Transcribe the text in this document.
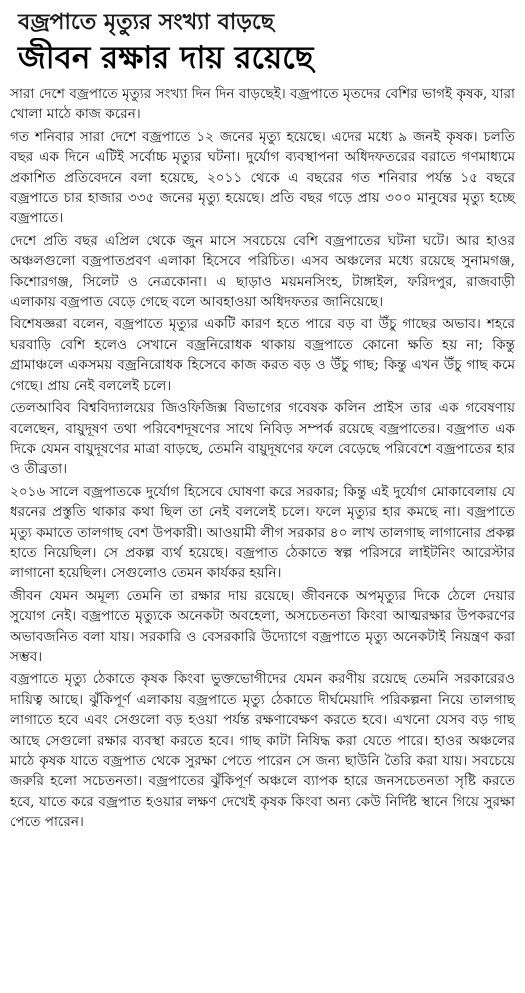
বজ্রপাতে মৃত্যুর সংখ্যা বাড়ছে
জীবন রক্ষার দায় রয়েছে

সারা দেশে বজ্রপাতে মৃত্যুর সংখ্যা দিন দিন বাড়ছেই। বজ্রপাতে মৃতদের বেশির ভাগই কৃষক, যারা খোলা মাঠে কাজ করেন।

গত শনিবার সারা দেশে বজ্রপাতে ১২ জনের মৃত্যু হয়েছে। এদের মধ্যে ৯ জনই কৃষক। চলতি বছর এক দিনে এটিই সর্বোচ্চ মৃত্যুর ঘটনা। দুর্যোগ ব্যবস্থাপনা অধিদফতরের বরাতে গণমাধ্যমে প্রকাশিত প্রতিবেদনে বলা হয়েছে, ২০১১ থেকে এ বছরের গত শনিবার পর্যন্ত ১৫ বছরে বজ্রপাতে চার হাজার ৩৩৫ জনের মৃত্যু হয়েছে। প্রতি বছর গড়ে প্রায় ৩০০ মানুষের মৃত্যু হচ্ছে বজ্রপাতে।

দেশে প্রতি বছর এপ্রিল থেকে জুন মাসে সবচেয়ে বেশি বজ্রপাতের ঘটনা ঘটে। আর হাওর অঞ্চলগুলো বজ্রপাতপ্রবণ এলাকা হিসেবে পরিচিত। এসব অঞ্চলের মধ্যে রয়েছে সুনামগঞ্জ, কিশোরগঞ্জ, সিলেট ও নেত্রকোনা। এ ছাড়াও ময়মনসিংহ, টাঙ্গাইল, ফরিদপুর, রাজবাড়ী এলাকায় বজ্রপাত বেড়ে গেছে বলে আবহাওয়া অধিদফতর জানিয়েছে।

বিশেষজ্ঞরা বলেন, বজ্রপাতে মৃত্যুর একটি কারণ হতে পারে বড় বা উঁচু গাছের অভাব। শহরে ঘরবাড়ি বেশি হলেও সেখানে বজ্রনিরোধক থাকায় বজ্রপাতে কোনো ক্ষতি হয় না; কিন্তু গ্রামাঞ্চলে একসময় বজ্রনিরোধক হিসেবে কাজ করত বড় ও উঁচু গাছ; কিন্তু এখন উঁচু গাছ কমে গেছে। প্রায় নেই বললেই চলে।

তেলআবিব বিশ্ববিদ্যালয়ের জিওফিজিক্স বিভাগের গবেষক কলিন প্রাইস তার এক গবেষণায় বলেছেন, বায়ুদূষণ তথা পরিবেশদূষণের সাথে নিবিড় সম্পর্ক রয়েছে বজ্রপাতের। বজ্রপাত এক দিকে যেমন বায়ুদূষণের মাত্রা বাড়ছে, তেমনি বায়ুদূষণের ফলে বেড়েছে পরিবেশে বজ্রপাতের হার ও তীব্রতা।

২০১৬ সালে বজ্রপাতকে দুর্যোগ হিসেবে ঘোষণা করে সরকার; কিন্তু এই দুর্যোগ মোকাবেলায় যে ধরনের প্রস্তুতি থাকার কথা ছিল তা নেই বললেই চলে। ফলে মৃত্যুর হার কমছে না। বজ্রপাতে মৃত্যু কমাতে তালগাছ বেশ উপকারী। আওয়ামী লীগ সরকার ৪০ লাখ তালগাছ লাগানোর প্রকল্প হাতে নিয়েছিল। সে প্রকল্প ব্যর্থ হয়েছে। বজ্রপাত ঠেকাতে স্বল্প পরিসরে লাইটনিং আরেস্টার লাগানো হয়েছিল। সেগুলোও তেমন কার্যকর হয়নি।

জীবন যেমন অমূল্য তেমনি তা রক্ষার দায় রয়েছে। জীবনকে অপমৃত্যুর দিকে ঠেলে দেয়ার সুযোগ নেই। বজ্রপাতে মৃত্যুকে অনেকটা অবহেলা, অসচেতনতা কিংবা আত্মরক্ষার উপকরণের অভাবজনিত বলা যায়। সরকারি ও বেসরকারি উদ্যোগে বজ্রপাতে মৃত্যু অনেকটাই নিয়ন্ত্রণ করা সম্ভব।

বজ্রপাতে মৃত্যু ঠেকাতে কৃষক কিংবা ভুক্তভোগীদের যেমন করণীয় রয়েছে তেমনি সরকারেরও দায়িত্ব আছে। ঝুঁকিপূর্ণ এলাকায় বজ্রপাতে মৃত্যু ঠেকাতে দীর্ঘমেয়াদি পরিকল্পনা নিয়ে তালগাছ লাগাতে হবে এবং সেগুলো বড় হওয়া পর্যন্ত রক্ষণাবেক্ষণ করতে হবে। এখনো যেসব বড় গাছ আছে সেগুলো রক্ষার ব্যবস্থা করতে হবে। গাছ কাটা নিষিদ্ধ করা যেতে পারে। হাওর অঞ্চলের মাঠে কৃষক যাতে বজ্রপাত থেকে সুরক্ষা পেতে পারেন সে জন্য ছাউনি তৈরি করা যায়। সবচেয়ে জরুরি হলো সচেতনতা। বজ্রপাতের ঝুঁকিপূর্ণ অঞ্চলে ব্যাপক হারে জনসচেতনতা সৃষ্টি করতে হবে, যাতে করে বজ্রপাত হওয়ার লক্ষণ দেখেই কৃষক কিংবা অন্য কেউ নির্দিষ্ট স্থানে গিয়ে সুরক্ষা পেতে পারেন।
